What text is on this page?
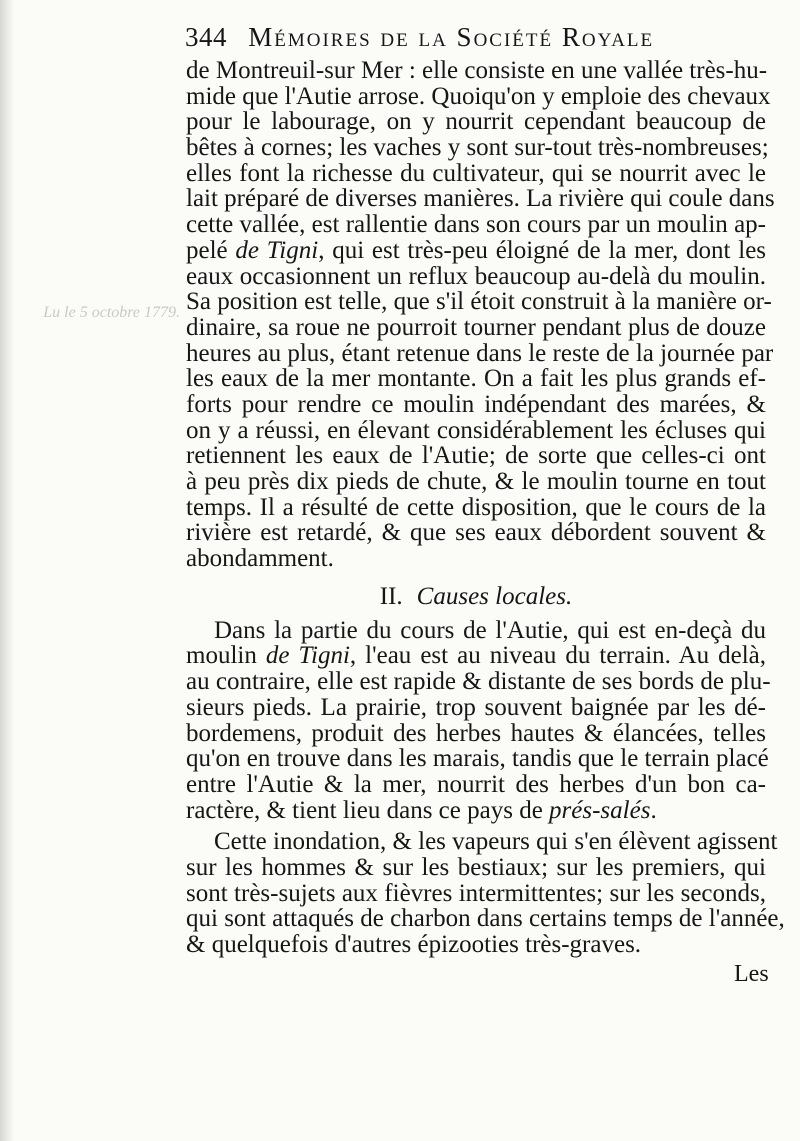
344 Mémoires de la Société Royale
Lu le 5 octobre 1779.
de Montreuil-sur Mer : elle consiste en une vallée très-hu-
mide que l'Autie arrose. Quoiqu'on y emploie des chevaux
pour le labourage, on y nourrit cependant beaucoup de
bêtes à cornes; les vaches y sont sur-tout très-nombreuses;
elles font la richesse du cultivateur, qui se nourrit avec le
lait préparé de diverses manières. La rivière qui coule dans
cette vallée, est rallentie dans son cours par un moulin ap-
pelé de Tigni, qui est très-peu éloigné de la mer, dont les
eaux occasionnent un reflux beaucoup au-delà du moulin.
Sa position est telle, que s'il étoit construit à la manière or-
dinaire, sa roue ne pourroit tourner pendant plus de douze
heures au plus, étant retenue dans le reste de la journée par
les eaux de la mer montante. On a fait les plus grands ef-
forts pour rendre ce moulin indépendant des marées, &
on y a réussi, en élevant considérablement les écluses qui
retiennent les eaux de l'Autie; de sorte que celles-ci ont
à peu près dix pieds de chute, & le moulin tourne en tout
temps. Il a résulté de cette disposition, que le cours de la
rivière est retardé, & que ses eaux débordent souvent &
abondamment.
II. Causes locales.
Dans la partie du cours de l'Autie, qui est en-deçà du
moulin de Tigni, l'eau est au niveau du terrain. Au delà,
au contraire, elle est rapide & distante de ses bords de plu-
sieurs pieds. La prairie, trop souvent baignée par les dé-
bordemens, produit des herbes hautes & élancées, telles
qu'on en trouve dans les marais, tandis que le terrain placé
entre l'Autie & la mer, nourrit des herbes d'un bon ca-
ractère, & tient lieu dans ce pays de prés-salés.
Cette inondation, & les vapeurs qui s'en élèvent agissent
sur les hommes & sur les bestiaux; sur les premiers, qui
sont très-sujets aux fièvres intermittentes; sur les seconds,
qui sont attaqués de charbon dans certains temps de l'année,
& quelquefois d'autres épizooties très-graves.
Les
